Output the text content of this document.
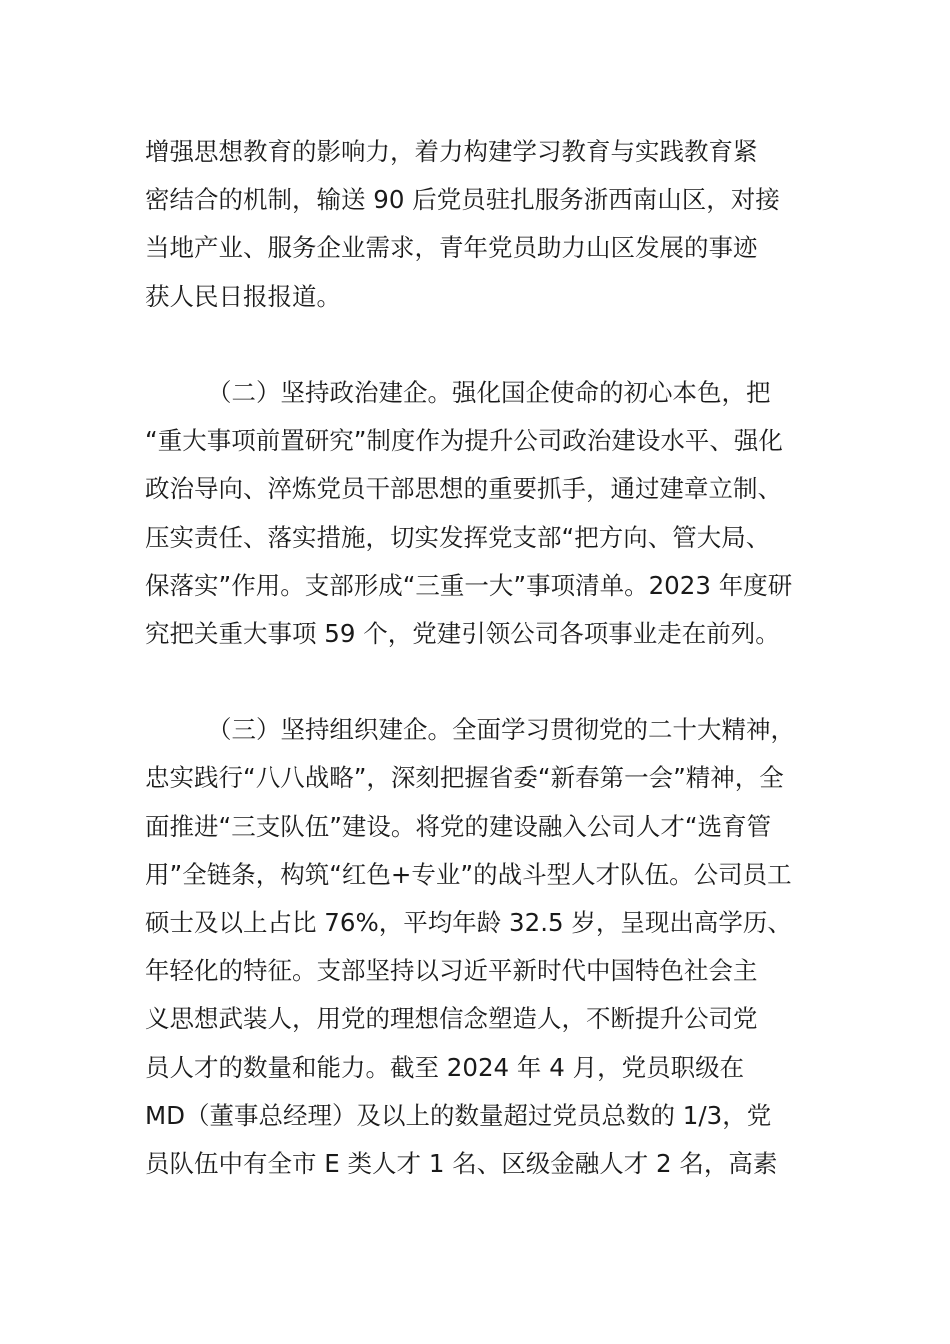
增强思想教育的影响力，着力构建学习教育与实践教育紧
密结合的机制，输送 90 后党员驻扎服务浙西南山区，对接
当地产业、服务企业需求，青年党员助力山区发展的事迹
获人民日报报道。
（二）坚持政治建企。强化国企使命的初心本色，把
“重大事项前置研究”制度作为提升公司政治建设水平、强化
政治导向、淬炼党员干部思想的重要抓手，通过建章立制、
压实责任、落实措施，切实发挥党支部“把方向、管大局、
保落实”作用。支部形成“三重一大”事项清单。2023 年度研
究把关重大事项 59 个，党建引领公司各项事业走在前列。
（三）坚持组织建企。全面学习贯彻党的二十大精神，
忠实践行“八八战略”，深刻把握省委“新春第一会”精神，全
面推进“三支队伍”建设。将党的建设融入公司人才“选育管
用”全链条，构筑“红色+专业”的战斗型人才队伍。公司员工
硕士及以上占比 76%，平均年龄 32.5 岁，呈现出高学历、
年轻化的特征。支部坚持以习近平新时代中国特色社会主
义思想武装人，用党的理想信念塑造人，不断提升公司党
员人才的数量和能力。截至 2024 年 4 月，党员职级在
MD（董事总经理）及以上的数量超过党员总数的 1/3，党
员队伍中有全市 E 类人才 1 名、区级金融人才 2 名，高素
